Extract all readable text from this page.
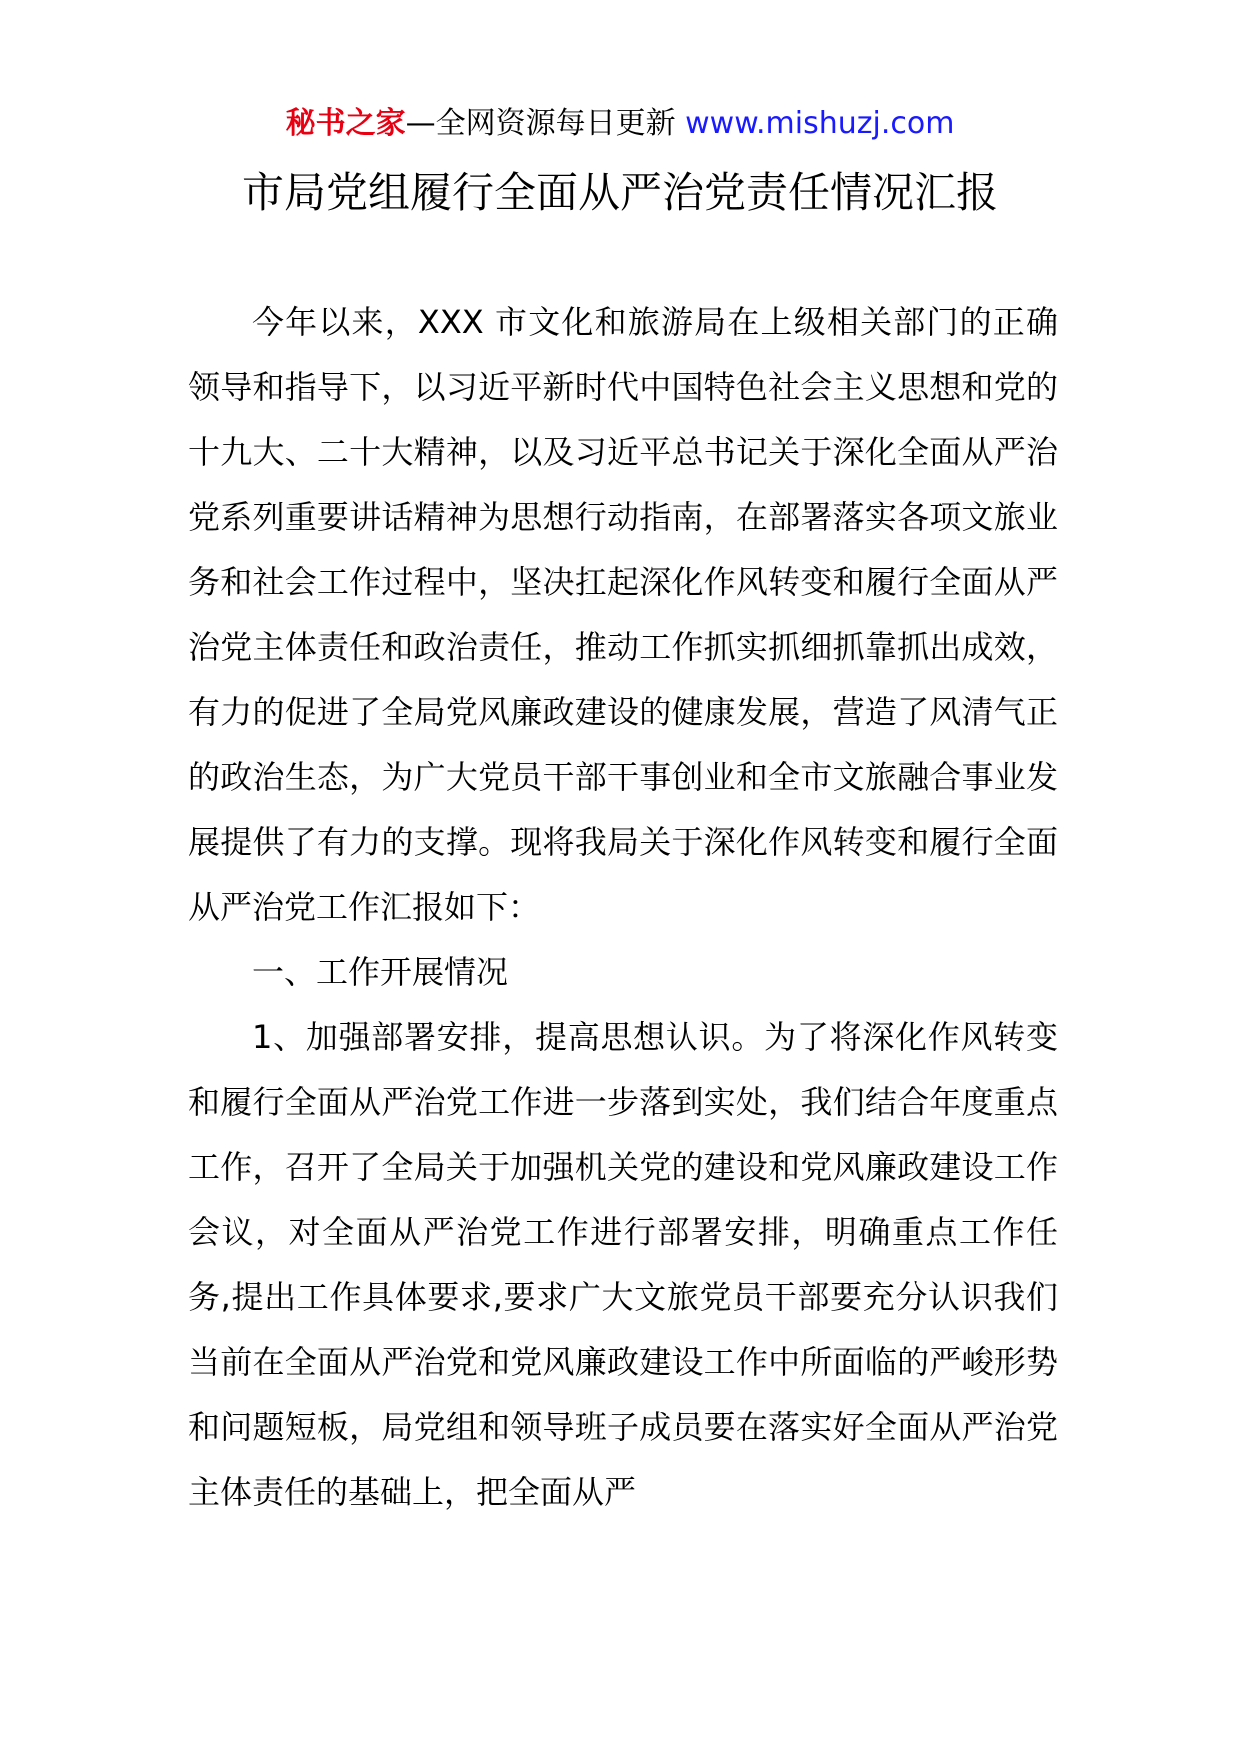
秘书之家—全网资源每日更新 www.mishuzj.com
市局党组履行全面从严治党责任情况汇报

今年以来，XXX 市文化和旅游局在上级相关部门的正确领导和指导下，以习近平新时代中国特色社会主义思想和党的十九大、二十大精神，以及习近平总书记关于深化全面从严治党系列重要讲话精神为思想行动指南，在部署落实各项文旅业务和社会工作过程中，坚决扛起深化作风转变和履行全面从严治党主体责任和政治责任，推动工作抓实抓细抓靠抓出成效，有力的促进了全局党风廉政建设的健康发展，营造了风清气正的政治生态，为广大党员干部干事创业和全市文旅融合事业发展提供了有力的支撑。现将我局关于深化作风转变和履行全面从严治党工作汇报如下：

一、工作开展情况

1、加强部署安排，提高思想认识。为了将深化作风转变和履行全面从严治党工作进一步落到实处，我们结合年度重点工作，召开了全局关于加强机关党的建设和党风廉政建设工作会议，对全面从严治党工作进行部署安排，明确重点工作任务,提出工作具体要求,要求广大文旅党员干部要充分认识我们当前在全面从严治党和党风廉政建设工作中所面临的严峻形势和问题短板，局党组和领导班子成员要在落实好全面从严治党主体责任的基础上，把全面从严
